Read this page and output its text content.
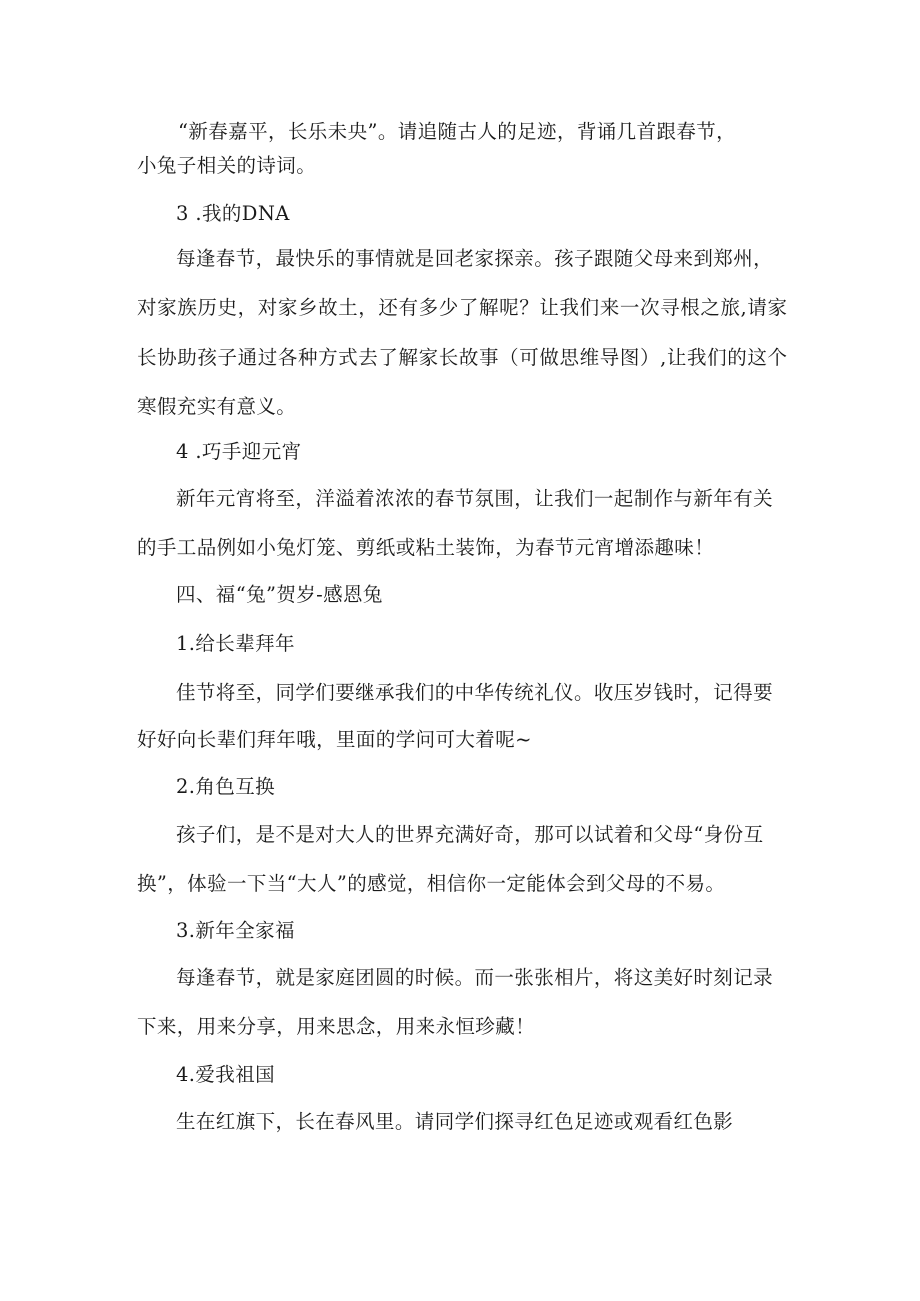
“新春嘉平，长乐未央”。请追随古人的足迹，背诵几首跟春节，
小兔子相关的诗词。
3 .我的DNA
每逢春节，最快乐的事情就是回老家探亲。孩子跟随父母来到郑州，
对家族历史，对家乡故土，还有多少了解呢？让我们来一次寻根之旅,请家
长协助孩子通过各种方式去了解家长故事（可做思维导图）,让我们的这个
寒假充实有意义。
4 .巧手迎元宵
新年元宵将至，洋溢着浓浓的春节氛围，让我们一起制作与新年有关
的手工品例如小兔灯笼、剪纸或粘土装饰，为春节元宵增添趣味！
四、福“兔”贺岁-感恩兔
1.给长辈拜年
佳节将至，同学们要继承我们的中华传统礼仪。收压岁钱时，记得要
好好向长辈们拜年哦，里面的学问可大着呢~
2.角色互换
孩子们，是不是对大人的世界充满好奇，那可以试着和父母“身份互
换”，体验一下当“大人”的感觉，相信你一定能体会到父母的不易。
3.新年全家福
每逢春节，就是家庭团圆的时候。而一张张相片，将这美好时刻记录
下来，用来分享，用来思念，用来永恒珍藏！
4.爱我祖国
生在红旗下，长在春风里。请同学们探寻红色足迹或观看红色影
